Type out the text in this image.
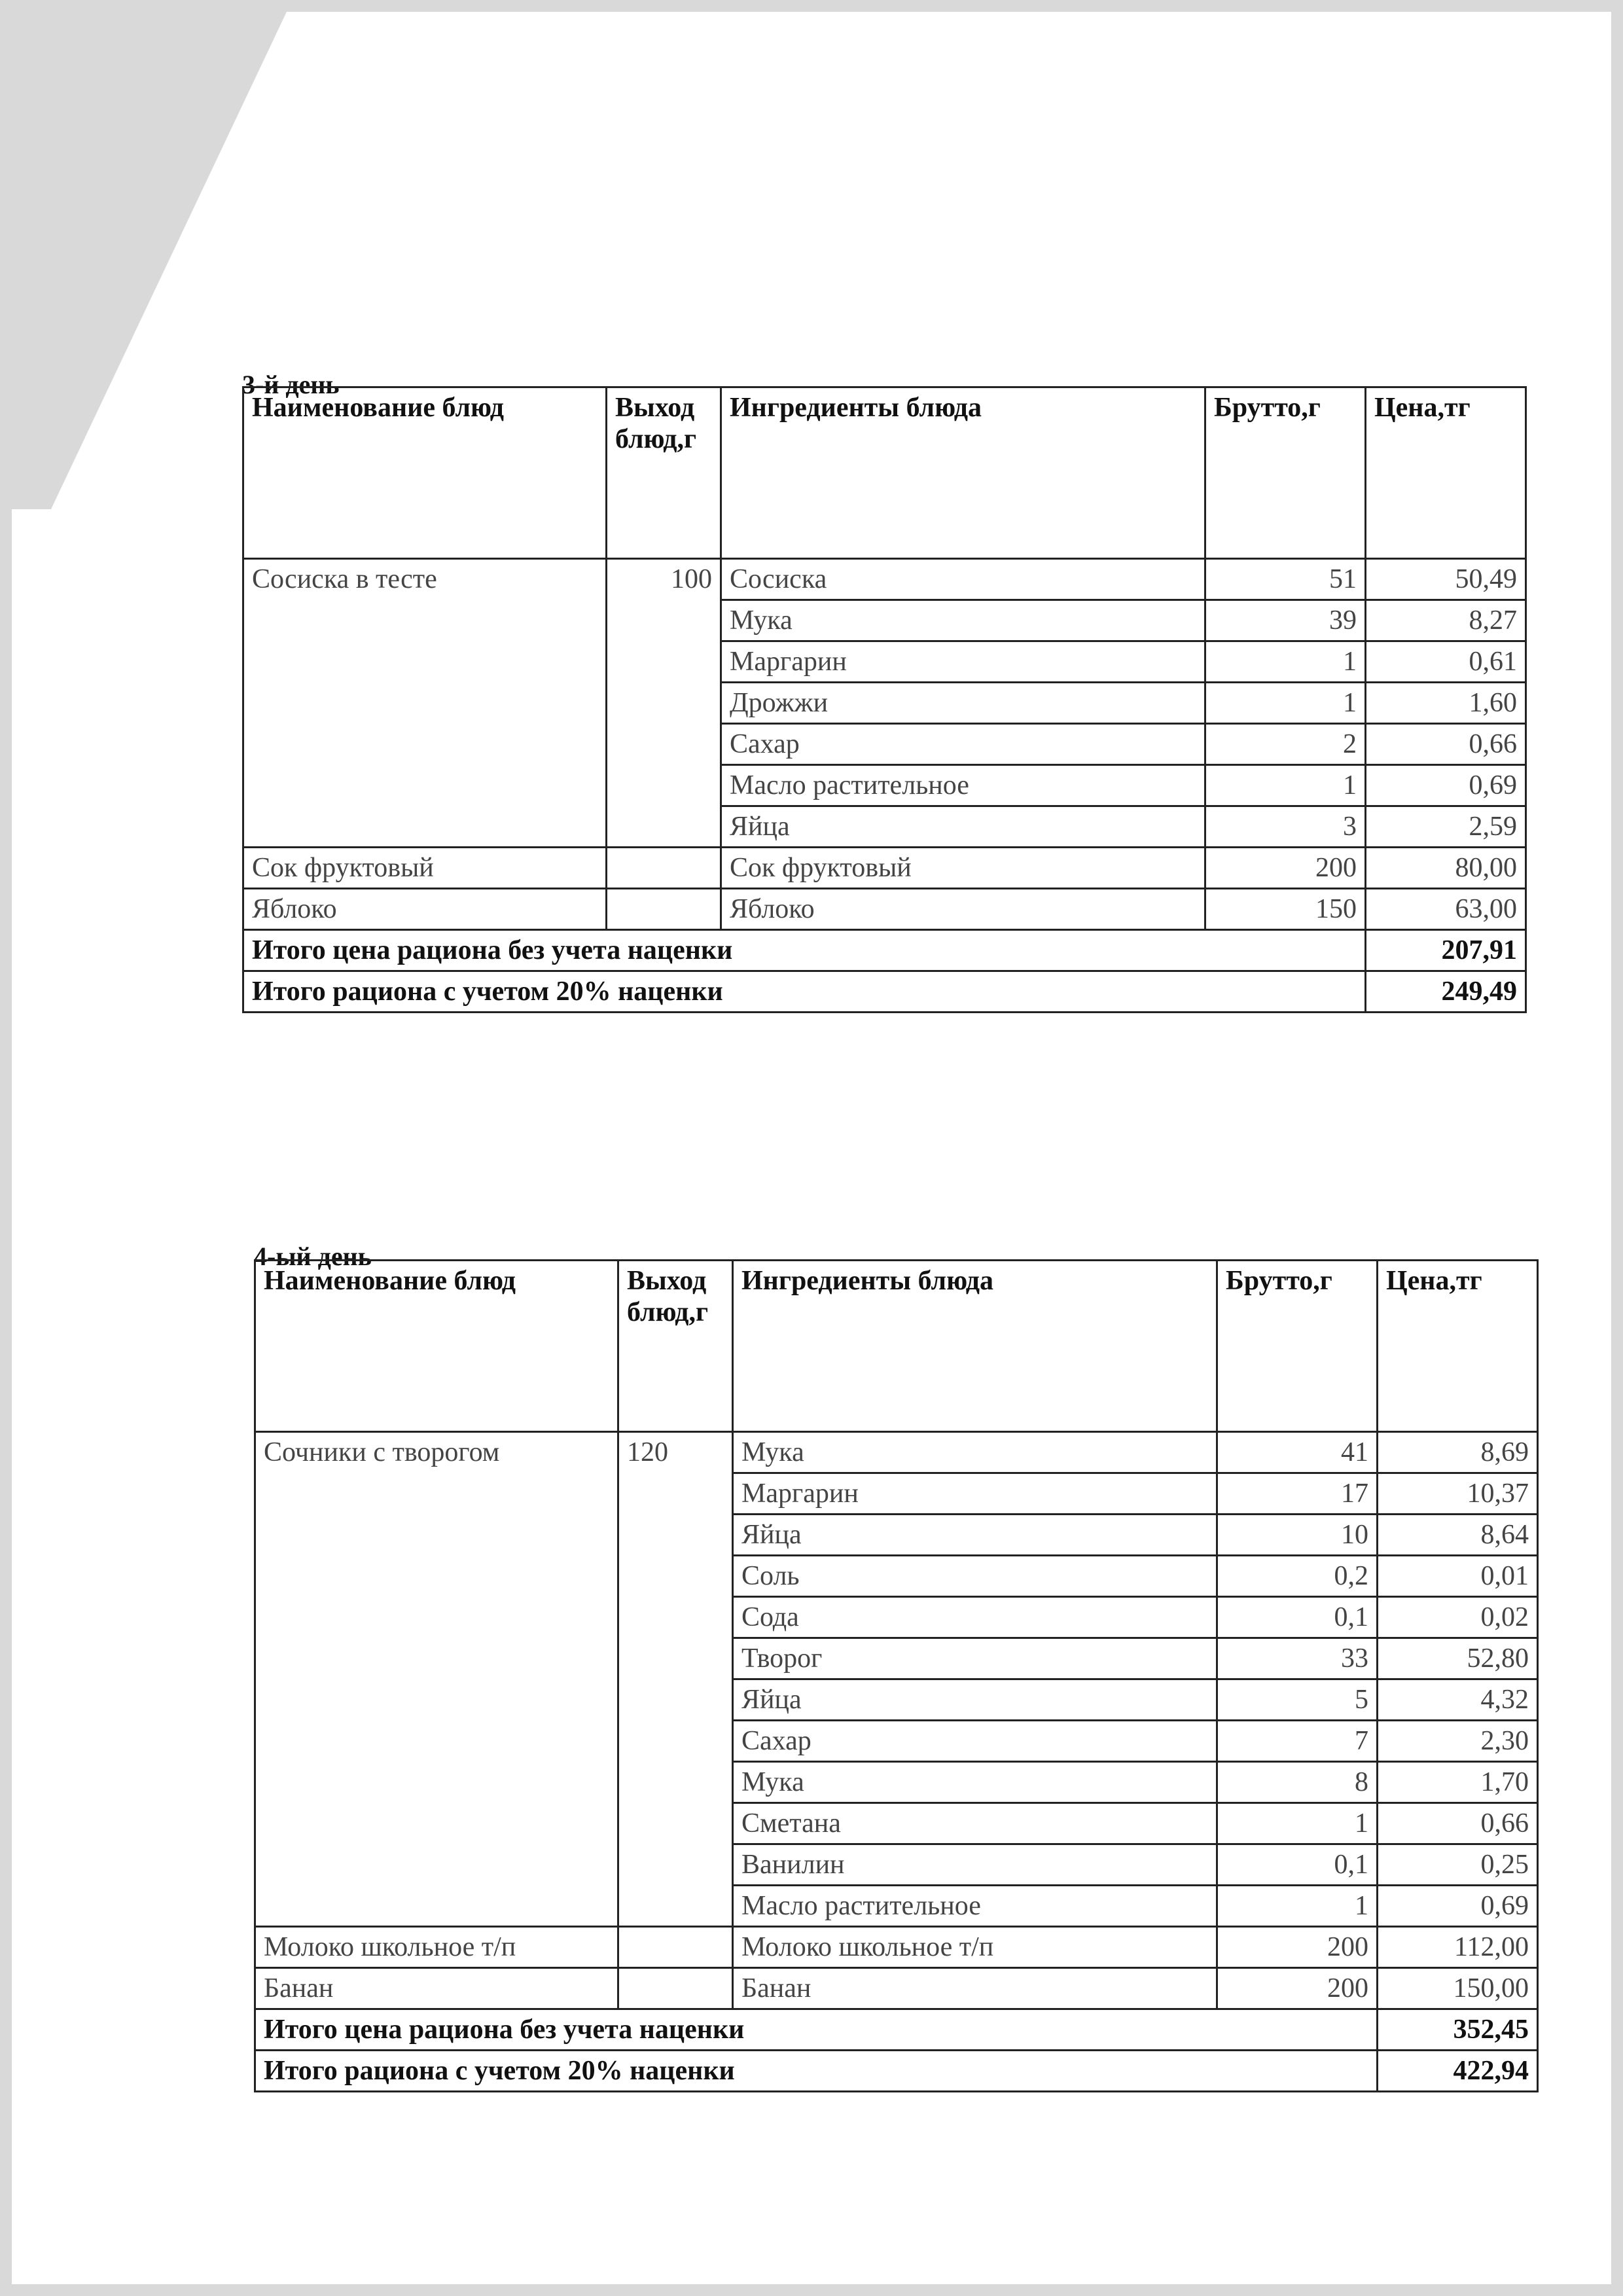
3-й день
Наименование блюд	Выход блюд,г	Ингредиенты блюда	Брутто,г	Цена,тг
Сосиска в тесте	100	Сосиска	51	50,49
		Мука	39	8,27
		Маргарин	1	0,61
		Дрожжи	1	1,60
		Сахар	2	0,66
		Масло растительное	1	0,69
		Яйца	3	2,59
Сок фруктовый		Сок фруктовый	200	80,00
Яблоко		Яблоко	150	63,00
Итого цена рациона без учета наценки				207,91
Итого рациона с учетом 20% наценки				249,49
4-ый день
Наименование блюд	Выход блюд,г	Ингредиенты блюда	Брутто,г	Цена,тг
Сочники с творогом	120	Мука	41	8,69
		Маргарин	17	10,37
		Яйца	10	8,64
		Соль	0,2	0,01
		Сода	0,1	0,02
		Творог	33	52,80
		Яйца	5	4,32
		Сахар	7	2,30
		Мука	8	1,70
		Сметана	1	0,66
		Ванилин	0,1	0,25
		Масло растительное	1	0,69
Молоко школьное т/п		Молоко школьное т/п	200	112,00
Банан		Банан	200	150,00
Итого цена рациона без учета наценки				352,45
Итого рациона с учетом 20% наценки				422,94
